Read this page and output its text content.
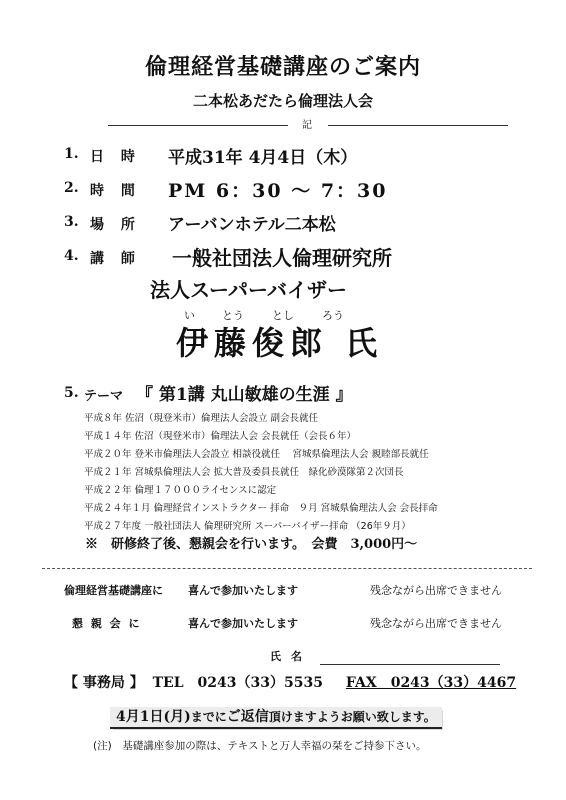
倫理経営基礎講座のご案内
二本松あだたら倫理法人会
記
1. 日 時 平成31年 4月4日（木）
2. 時 間 PM 6：30 〜 7：30
3. 場 所 アーバンホテル二本松
4. 講 師 一般社団法人倫理研究所
法人スーパーバイザー
い とう	とし	ろう
伊藤俊郎 氏
5. テーマ 『 第1講 丸山敏雄の生涯 』
平成８年 佐沼（現登米市）倫理法人会設立 副会長就任
平成１４年 佐沼（現登米市）倫理法人会 会長就任（会長６年）
平成２０年 登米市倫理法人会設立 相談役就任　 宮城県倫理法人会 親睦部長就任
平成２１年 宮城県倫理法人会 拡大普及委員長就任　緑化砂漠隊第２次団長
平成２２年 倫理１７０００ライセンスに認定
平成２４年１月 倫理経営インストラクター 拝命　９月 宮城県倫理法人会 会長拝命
平成２７年度 一般社団法人 倫理研究所 スーパーバイザー拝命 （26年９月）
※　研修終了後、懇親会を行います。　会費　3,000円〜
倫理経営基礎講座に 喜んで参加いたします	残念ながら出席できません
懇 親 会 に	喜んで参加いたします	残念ながら出席できません
氏名
【 事務局 】 TEL　0243（33）5535 FAX　0243（33）4467
4月1日(月)までにご返信頂けますようお願い致します。
(注)　基礎講座参加の際は、テキストと万人幸福の栞をご持参下さい。
